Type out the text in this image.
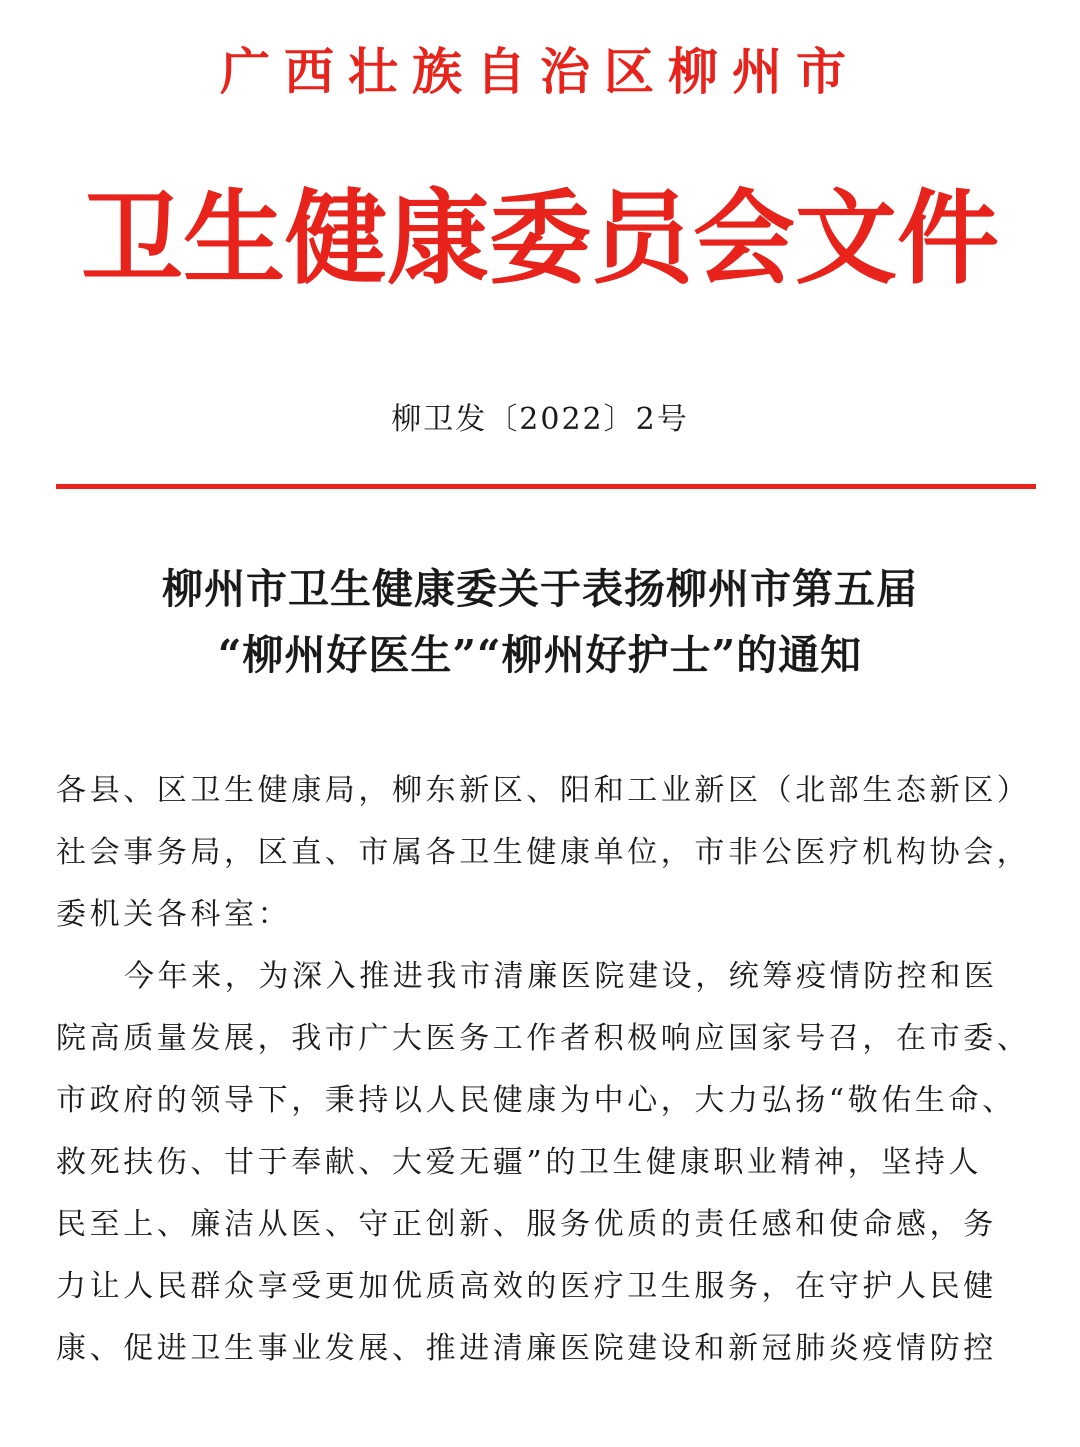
广西壮族自治区柳州市
卫生健康委员会文件
柳卫发〔2022〕2号
柳州市卫生健康委关于表扬柳州市第五届
“柳州好医生”“柳州好护士”的通知
各县、区卫生健康局，柳东新区、阳和工业新区（北部生态新区）
社会事务局，区直、市属各卫生健康单位，市非公医疗机构协会，
委机关各科室：
今年来，为深入推进我市清廉医院建设，统筹疫情防控和医
院高质量发展，我市广大医务工作者积极响应国家号召，在市委、
市政府的领导下，秉持以人民健康为中心，大力弘扬“敬佑生命、
救死扶伤、甘于奉献、大爱无疆”的卫生健康职业精神，坚持人
民至上、廉洁从医、守正创新、服务优质的责任感和使命感，务
力让人民群众享受更加优质高效的医疗卫生服务，在守护人民健
康、促进卫生事业发展、推进清廉医院建设和新冠肺炎疫情防控
